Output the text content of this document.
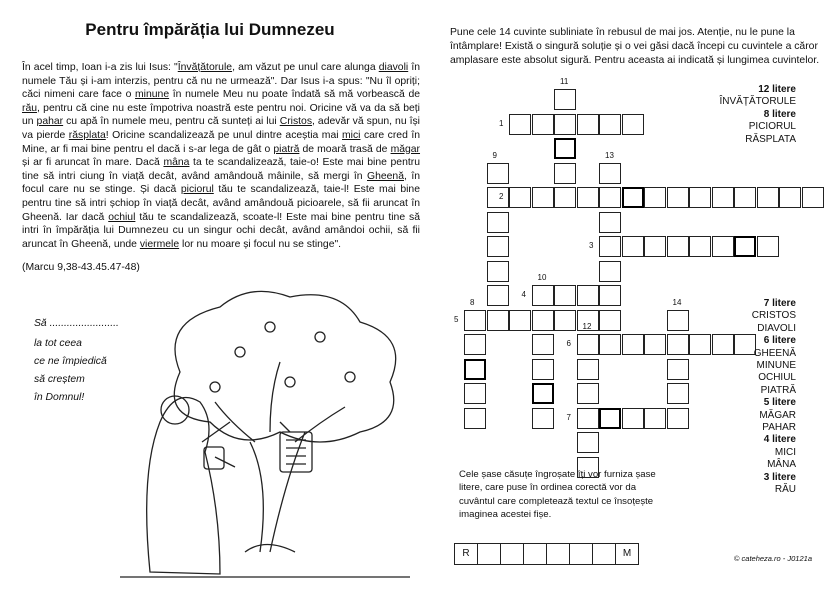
Pentru împărăția lui Dumnezeu
În acel timp, Ioan i-a zis lui Isus: "Învățătorule, am văzut pe unul care alunga diavoli în numele Tău și i-am interzis, pentru că nu ne urmează". Dar Isus i-a spus: "Nu îl opriți; căci nimeni care face o minune în numele Meu nu poate îndată să mă vorbească de rău, pentru că cine nu este împotriva noastră este pentru noi. Oricine vă va da să beți un pahar cu apă în numele meu, pentru că sunteți ai lui Cristos, adevăr vă spun, nu își va pierde răsplata! Oricine scandalizează pe unul dintre aceștia mai mici care cred în Mine, ar fi mai bine pentru el dacă i s-ar lega de gât o piatră de moară trasă de măgar și ar fi aruncat în mare. Dacă mâna ta te scandalizează, taie-o! Este mai bine pentru tine să intri ciung în viață decât, având amândouă mâinile, să mergi în Gheenă, în focul care nu se stinge. Și dacă piciorul tău te scandalizează, taie-l! Este mai bine pentru tine să intri șchiop în viață decât, având amândouă picioarele, să fii aruncat în Gheenă. Iar dacă ochiul tău te scandalizează, scoate-l! Este mai bine pentru tine să intri în împărăția lui Dumnezeu cu un singur ochi decât, având amândoi ochii, să fii aruncat în Gheenă, unde viermele lor nu moare și focul nu se stinge".
(Marcu 9,38-43.45.47-48)
Să ........................
la tot ceea
ce ne împiedică
să creștem
în Domnul!
Pune cele 14 cuvinte subliniate în rebusul de mai jos. Atenție, nu le pune la întâmplare! Există o singură soluție și o vei găsi dacă începi cu cuvintele a căror amplasare este absolut sigură. Pentru aceasta ai indicată și lungimea cuvintelor.
1
11
9	13
2
3
10
4
8	14
5
12
6
7
12 litere
ÎNVĂȚĂTORULE
8 litere
PICIORUL
RĂSPLATA
7 litere
CRISTOS
DIAVOLI
6 litere
GHEENĂ
MINUNE
OCHIUL
PIATRĂ
5 litere
MĂGAR
PAHAR
4 litere
MICI
MÂNA
3 litere
RĂU
Cele șase căsuțe îngroșate îți vor furniza șase litere, care puse în ordinea corectă vor da cuvântul care completează textul ce însoțește imaginea acestei fișe.
R	M	© cateheza.ro - J0121a
